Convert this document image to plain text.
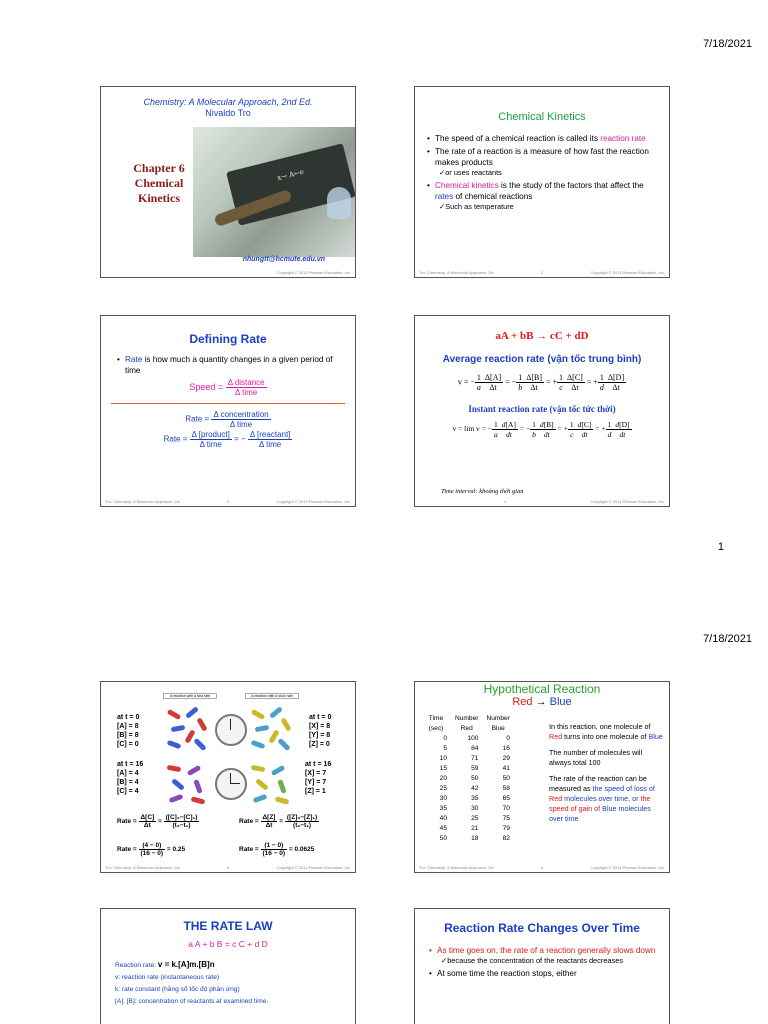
7/18/2021
Chemistry: A Molecular Approach, 2nd Ed.
Nivaldo Tro
x→ A←e
Chapter 6
Chemical
Kinetics
nhungtt@hcmute.edu.vn
Copyright © 2011 Pearson Education, Inc.
Chemical Kinetics
• The speed of a chemical reaction is called its reaction rate
• The rate of a reaction is a measure of how fast the reaction makes products
✓or uses reactants
• Chemical kinetics is the study of the factors that affect the rates of chemical reactions
✓Such as temperature
Tro: Chemistry: A Molecular Approach, 2/e	2	Copyright © 2011 Pearson Education, Inc.
Defining Rate
• Rate is how much a quantity changes in a given period of time
Speed = $\frac{\text{Δ distance}}{\text{Δ time}}$
Rate = $\frac{\text{Δ concentration}}{\text{Δ time}}$
Rate = $\frac{\text{Δ [product]}}{\text{Δ time}}$ = − $\frac{\text{Δ [reactant]}}{\text{Δ time}}$
Tro: Chemistry: A Molecular Approach, 2/e	3	Copyright © 2011 Pearson Education, Inc.
aA + bB → cC + dD
Average reaction rate (vận tốc trung bình)
v = − $\frac{1}{a} \frac{\Delta[A]}{\Delta t}$ = − $\frac{1}{b} \frac{\Delta[B]}{\Delta t}$ = + $\frac{1}{c} \frac{\Delta[C]}{\Delta t}$ = + $\frac{1}{d} \frac{\Delta[D]}{\Delta t}$
Instant reaction rate (vận tốc tức thời)
v = lim v = − $\frac{1}{a} \frac{d[A]}{dt}$ = − $\frac{1}{b} \frac{d[B]}{dt}$ = + $\frac{1}{c} \frac{d[C]}{dt}$ = + $\frac{1}{d} \frac{d[D]}{dt}$
Time interval: khoảng thời gian
4	Copyright © 2011 Pearson Education, Inc.
1
7/18/2021
A reaction with a fast rate	A reaction with a slow rate
at t = 0
[A] = 8
[B] = 8
[C] = 0
at t = 0
[X] = 8
[Y] = 8
[Z] = 0
at t = 16
[A] = 4
[B] = 4
[C] = 4
at t = 16
[X] = 7
[Y] = 7
[Z] = 1
Rate = $\frac{\Delta[C]}{\Delta t} = \frac{\text{([C]₂−[C]₁)}}{\text{(t₂−t₁)}}$
Rate = $\frac{(4 - 0)}{(16 - 0)} = 0.25$
Rate = $\frac{\Delta[Z]}{\Delta t} = \frac{\text{([Z]₂−[Z]₁)}}{\text{(t₂−t₁)}}$
Rate = $\frac{(1 - 0)}{(16 - 0)} = 0.0625$
Tro: Chemistry: A Molecular Approach, 2/e	5	Copyright © 2011 Pearson Education, Inc.
Hypothetical Reaction
Red → Blue
Time (sec)	Number Red	Number Blue
0	100	0
5	84	16
10	71	29
15	59	41
20	50	50
25	42	58
30	35	65
35	30	70
40	25	75
45	21	79
50	18	82

In this reaction, one molecule of Red turns into one molecule of Blue

The number of molecules will always total 100

The rate of the reaction can be measured as the speed of loss of Red molecules over time, or the speed of gain of Blue molecules over time

Tro: Chemistry: A Molecular Approach, 2/e	6	Copyright © 2011 Pearson Education, Inc.
THE RATE LAW
a A + b B = c C + d D
Reaction rate: v = k.[A]m.[B]n
v: reaction rate (instantaneous rate)
k: rate constant (hằng số tốc độ phản ứng)
[A], [B]: concentration of reactants at examined time.
Reaction Rate Changes Over Time
• As time goes on, the rate of a reaction generally slows down
✓because the concentration of the reactants decreases
• At some time the reaction stops, either
